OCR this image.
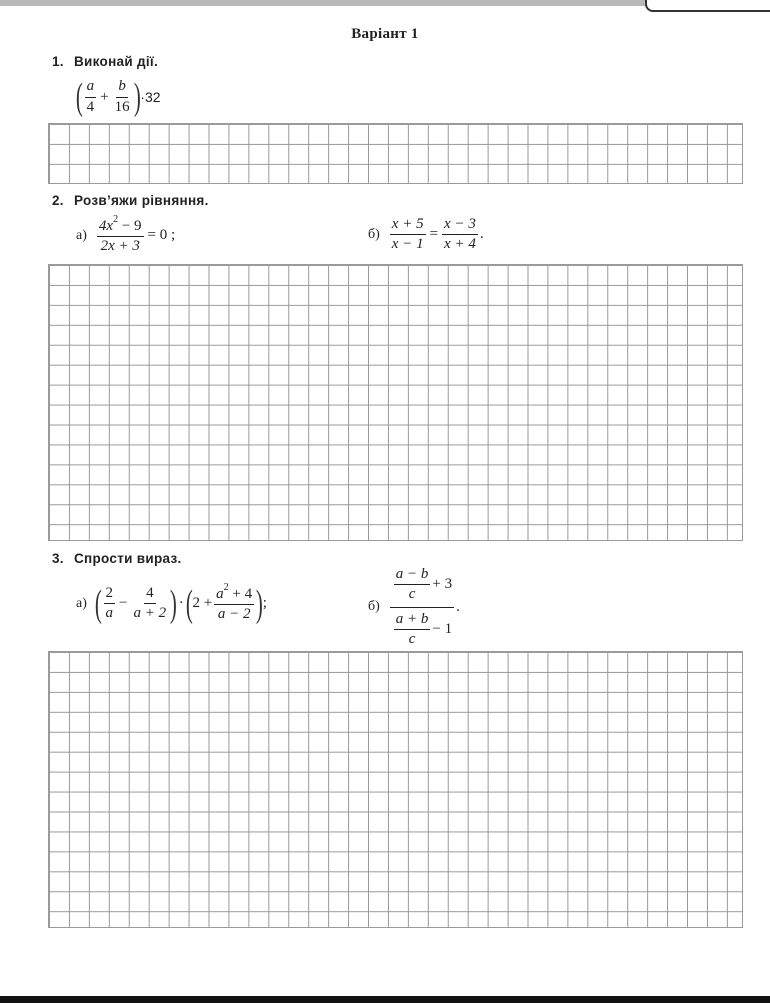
Варіант 1
1. Виконай дії.
( $\frac{a}{4} + \frac{b}{16}$ ) ·32
2. Розв’яжи рівняння.
$а) \frac{4x^2 - 9}{2x + 3} = 0$ ;	$б) \frac{x + 5}{x - 1} = \frac{x - 3}{x + 4}$ .
3. Спрости вираз.
а) ( $\frac{2}{a} - \frac{4}{a + 2}$ ) · ( $2 + \frac{a^2 + 4}{a - 2}$ ) ;	б)
$\frac{a - b}{c} + 3$
$\frac{a + b}{c} - 1$
.
